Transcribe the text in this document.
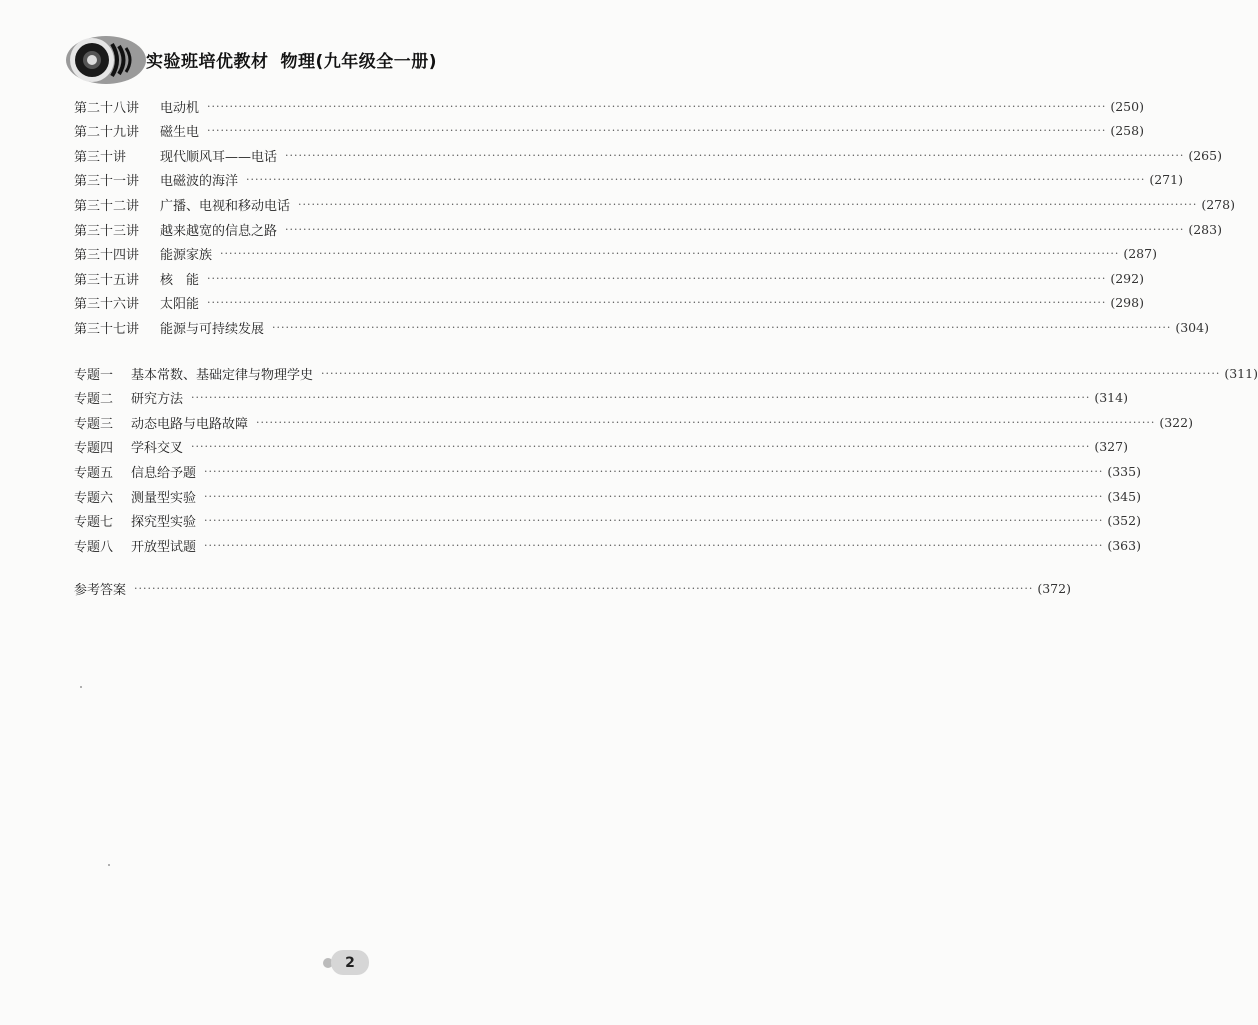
实验班培优教材 物理(九年级全一册)
第二十八讲	电动机 ········································································································································································································ (250)
第二十九讲	磁生电 ········································································································································································································ (258)
第三十讲	现代顺风耳——电话 ········································································································································································································ (265)
第三十一讲	电磁波的海洋 ········································································································································································································ (271)
第三十二讲	广播、电视和移动电话 ········································································································································································································ (278)
第三十三讲	越来越宽的信息之路 ········································································································································································································ (283)
第三十四讲	能源家族 ········································································································································································································ (287)
第三十五讲	核　能 ········································································································································································································ (292)
第三十六讲	太阳能 ········································································································································································································ (298)
第三十七讲	能源与可持续发展 ········································································································································································································ (304)
专题一	基本常数、基础定律与物理学史 ········································································································································································································ (311)
专题二	研究方法 ········································································································································································································ (314)
专题三	动态电路与电路故障 ········································································································································································································ (322)
专题四	学科交叉 ········································································································································································································ (327)
专题五	信息给予题 ········································································································································································································ (335)
专题六	测量型实验 ········································································································································································································ (345)
专题七	探究型实验 ········································································································································································································ (352)
专题八	开放型试题 ········································································································································································································ (363)
参考答案 ········································································································································································································ (372)
2
